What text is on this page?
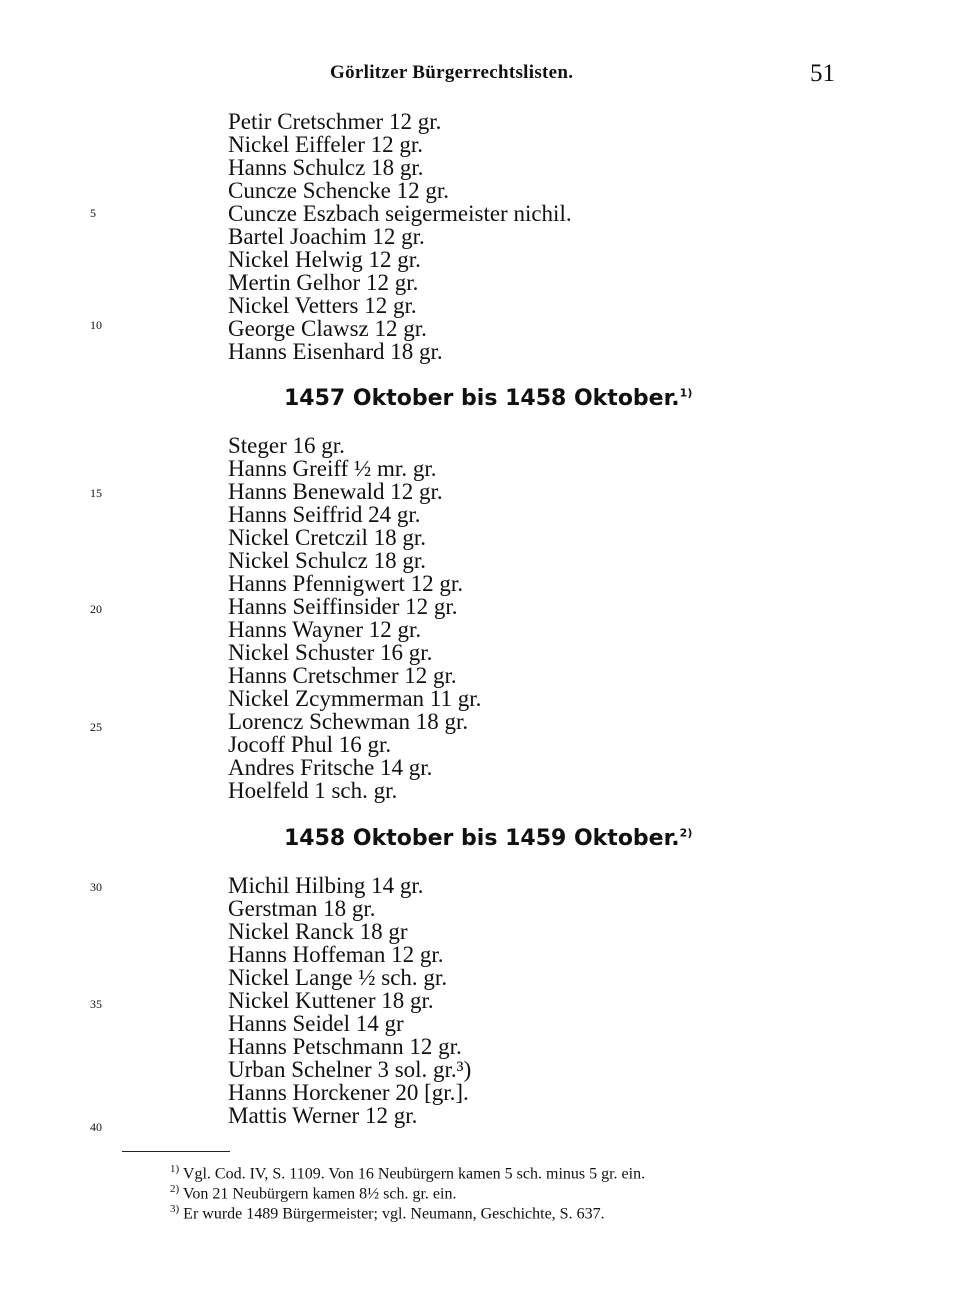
Görlitzer Bürgerrechtslisten.	51
Petir Cretschmer 12 gr.
Nickel Eiffeler 12 gr.
Hanns Schulcz 18 gr.
Cuncze Schencke 12 gr.
Cuncze Eszbach seigermeister nichil.
Bartel Joachim 12 gr.
Nickel Helwig 12 gr.
Mertin Gelhor 12 gr.
Nickel Vetters 12 gr.
George Clawsz 12 gr.
Hanns Eisenhard 18 gr.
1457 Oktober bis 1458 Oktober.$^{1)}$
Steger 16 gr.
Hanns Greiff ½ mr. gr.
Hanns Benewald 12 gr.
Hanns Seiffrid 24 gr.
Nickel Cretczil 18 gr.
Nickel Schulcz 18 gr.
Hanns Pfennigwert 12 gr.
Hanns Seiffinsider 12 gr.
Hanns Wayner 12 gr.
Nickel Schuster 16 gr.
Hanns Cretschmer 12 gr.
Nickel Zcymmerman 11 gr.
Lorencz Schewman 18 gr.
Jocoff Phul 16 gr.
Andres Fritsche 14 gr.
Hoelfeld 1 sch. gr.
1458 Oktober bis 1459 Oktober.$^{2)}$
Michil Hilbing 14 gr.
Gerstman 18 gr.
Nickel Ranck 18 gr
Hanns Hoffeman 12 gr.
Nickel Lange ½ sch. gr.
Nickel Kuttener 18 gr.
Hanns Seidel 14 gr
Hanns Petschmann 12 gr.
Urban Schelner 3 sol. gr.³)
Hanns Horckener 20 [gr.].
Mattis Werner 12 gr.
5
10
15
20
25
30
35
40
$^{1)}$ Vgl. Cod. IV, S. 1109. Von 16 Neubürgern kamen 5 sch. minus 5 gr. ein.
$^{2)}$ Von 21 Neubürgern kamen 8½ sch. gr. ein.
$^{3)}$ Er wurde 1489 Bürgermeister; vgl. Neumann, Geschichte, S. 637.
